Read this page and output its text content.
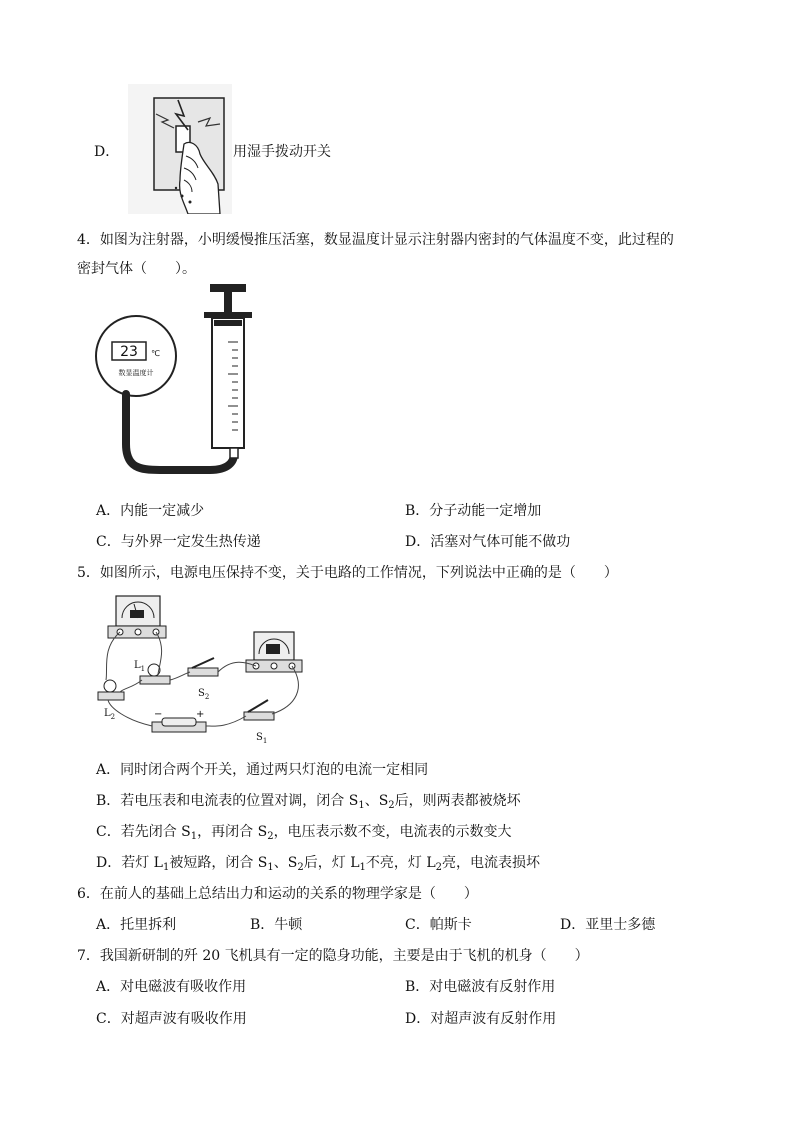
D．	用湿手拨动开关
4．如图为注射器，小明缓慢推压活塞，数显温度计显示注射器内密封的气体温度不变，此过程的
密封气体（　　）。
23 ℃
数显温度计
A．内能一定减少	B．分子动能一定增加
C．与外界一定发生热传递	D．活塞对气体可能不做功
5．如图所示，电源电压保持不变，关于电路的工作情况，下列说法中正确的是（　　）
−	+
$L_1$
$L_2$
$S_2$
$S_1$
A．同时闭合两个开关，通过两只灯泡的电流一定相同
B．若电压表和电流表的位置对调，闭合 $S_1$、$S_2$后，则两表都被烧坏
C．若先闭合 $S_1$，再闭合 $S_2$，电压表示数不变，电流表的示数变大
D．若灯 $L_1$被短路，闭合 $S_1$、$S_2$后，灯 $L_1$不亮，灯 $L_2$亮，电流表损坏
6．在前人的基础上总结出力和运动的关系的物理学家是（　　）
A．托里拆利	B．牛顿	C．帕斯卡	D．亚里士多德
7．我国新研制的歼 20 飞机具有一定的隐身功能，主要是由于飞机的机身（　　）
A．对电磁波有吸收作用	B．对电磁波有反射作用
C．对超声波有吸收作用	D．对超声波有反射作用
